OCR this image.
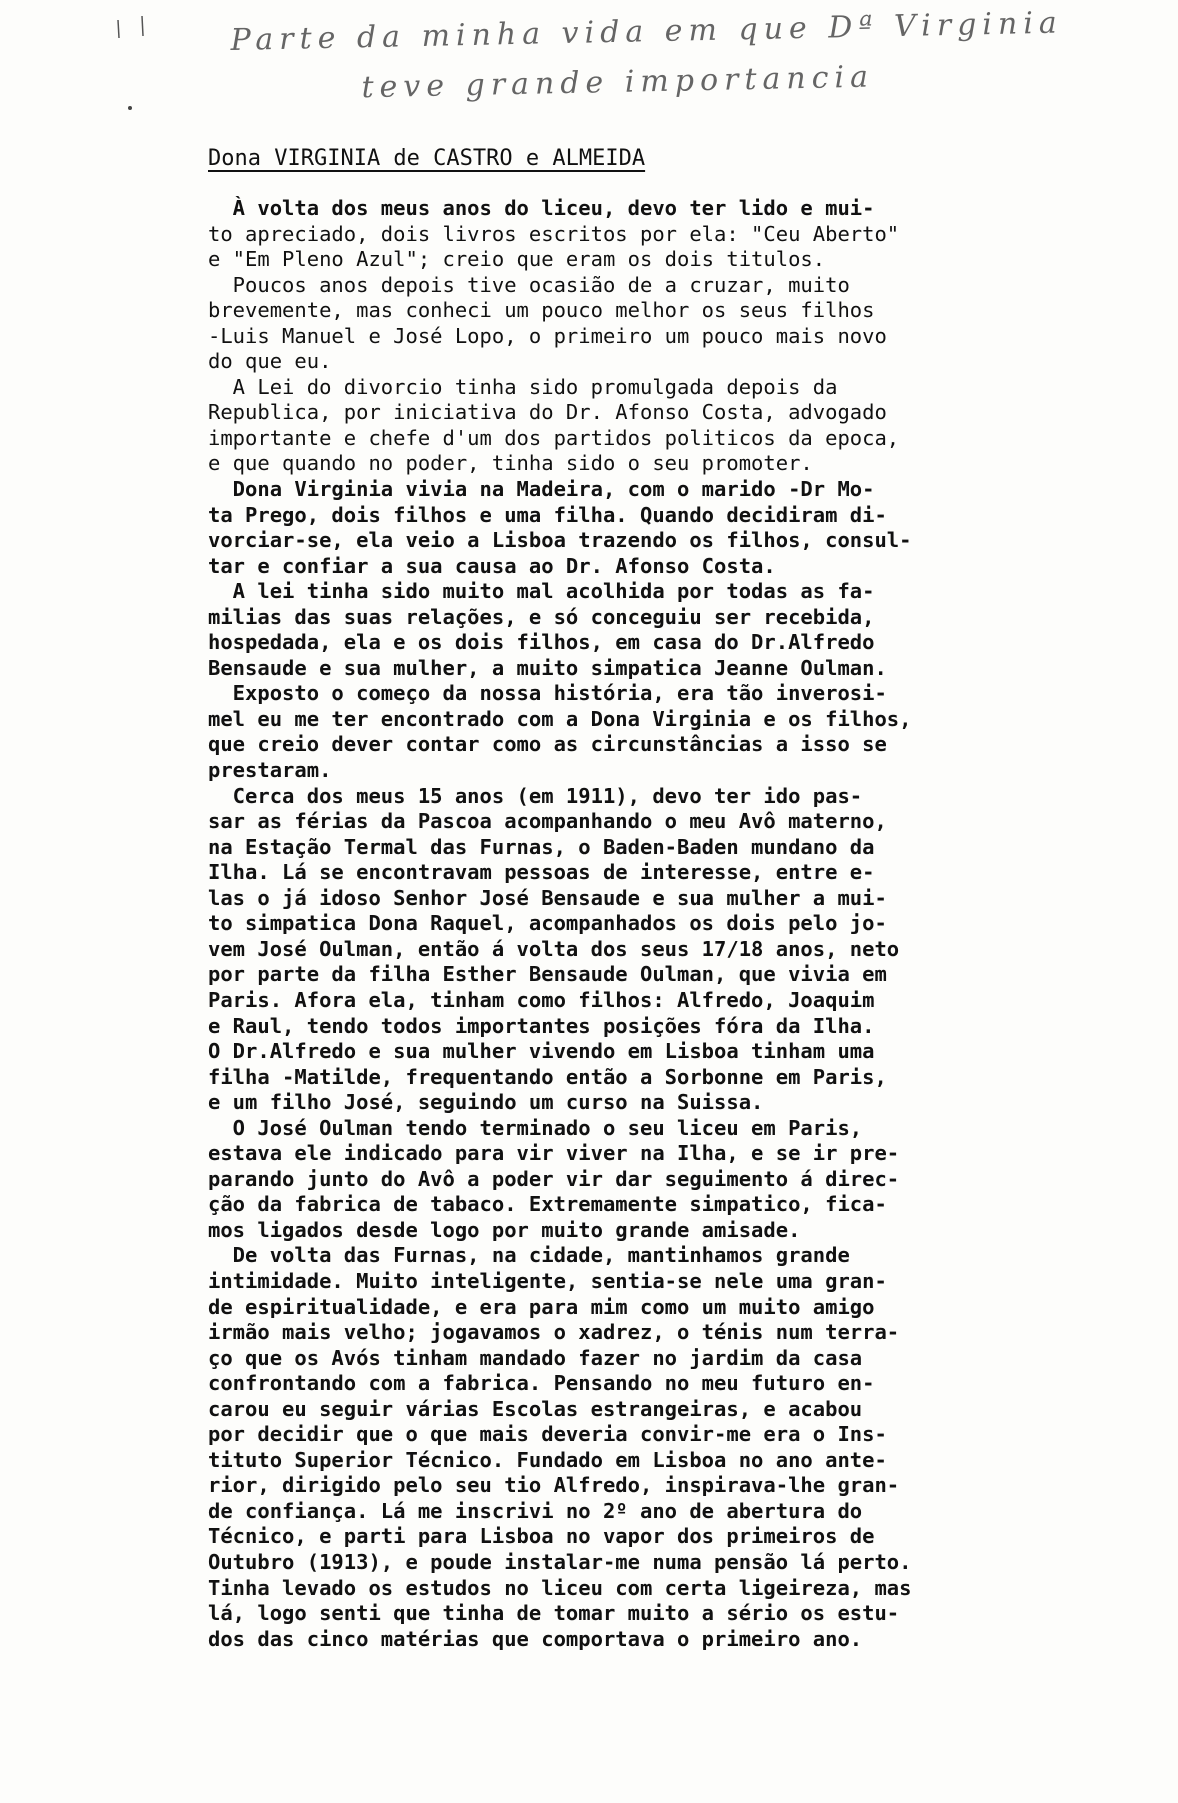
Parte da minha vida em que Dª Virginia
teve grande importancia
Dona VIRGINIA de CASTRO e ALMEIDA
À volta dos meus anos do liceu, devo ter lido e mui-
to apreciado, dois livros escritos por ela: "Ceu Aberto"
e "Em Pleno Azul"; creio que eram os dois titulos.
Poucos anos depois tive ocasião de a cruzar, muito
brevemente, mas conheci um pouco melhor os seus filhos
-Luis Manuel e José Lopo, o primeiro um pouco mais novo
do que eu.
A Lei do divorcio tinha sido promulgada depois da
Republica, por iniciativa do Dr. Afonso Costa, advogado
importante e chefe d'um dos partidos politicos da epoca,
e que quando no poder, tinha sido o seu promoter.
Dona Virginia vivia na Madeira, com o marido -Dr Mo-
ta Prego, dois filhos e uma filha. Quando decidiram di-
vorciar-se, ela veio a Lisboa trazendo os filhos, consul-
tar e confiar a sua causa ao Dr. Afonso Costa.
A lei tinha sido muito mal acolhida por todas as fa-
milias das suas relações, e só conceguiu ser recebida,
hospedada, ela e os dois filhos, em casa do Dr.Alfredo
Bensaude e sua mulher, a muito simpatica Jeanne Oulman.
Exposto o começo da nossa história, era tão inverosi-
mel eu me ter encontrado com a Dona Virginia e os filhos,
que creio dever contar como as circunstâncias a isso se
prestaram.
Cerca dos meus 15 anos (em 1911), devo ter ido pas-
sar as férias da Pascoa acompanhando o meu Avô materno,
na Estação Termal das Furnas, o Baden-Baden mundano da
Ilha. Lá se encontravam pessoas de interesse, entre e-
las o já idoso Senhor José Bensaude e sua mulher a mui-
to simpatica Dona Raquel, acompanhados os dois pelo jo-
vem José Oulman, então á volta dos seus 17/18 anos, neto
por parte da filha Esther Bensaude Oulman, que vivia em
Paris. Afora ela, tinham como filhos: Alfredo, Joaquim
e Raul, tendo todos importantes posições fóra da Ilha.
O Dr.Alfredo e sua mulher vivendo em Lisboa tinham uma
filha -Matilde, frequentando então a Sorbonne em Paris,
e um filho José, seguindo um curso na Suissa.
O José Oulman tendo terminado o seu liceu em Paris,
estava ele indicado para vir viver na Ilha, e se ir pre-
parando junto do Avô a poder vir dar seguimento á direc-
ção da fabrica de tabaco. Extremamente simpatico, fica-
mos ligados desde logo por muito grande amisade.
De volta das Furnas, na cidade, mantinhamos grande
intimidade. Muito inteligente, sentia-se nele uma gran-
de espiritualidade, e era para mim como um muito amigo
irmão mais velho; jogavamos o xadrez, o ténis num terra-
ço que os Avós tinham mandado fazer no jardim da casa
confrontando com a fabrica. Pensando no meu futuro en-
carou eu seguir várias Escolas estrangeiras, e acabou
por decidir que o que mais deveria convir-me era o Ins-
tituto Superior Técnico. Fundado em Lisboa no ano ante-
rior, dirigido pelo seu tio Alfredo, inspirava-lhe gran-
de confiança. Lá me inscrivi no 2º ano de abertura do
Técnico, e parti para Lisboa no vapor dos primeiros de
Outubro (1913), e poude instalar-me numa pensão lá perto.
Tinha levado os estudos no liceu com certa ligeireza, mas
lá, logo senti que tinha de tomar muito a sério os estu-
dos das cinco matérias que comportava o primeiro ano.
